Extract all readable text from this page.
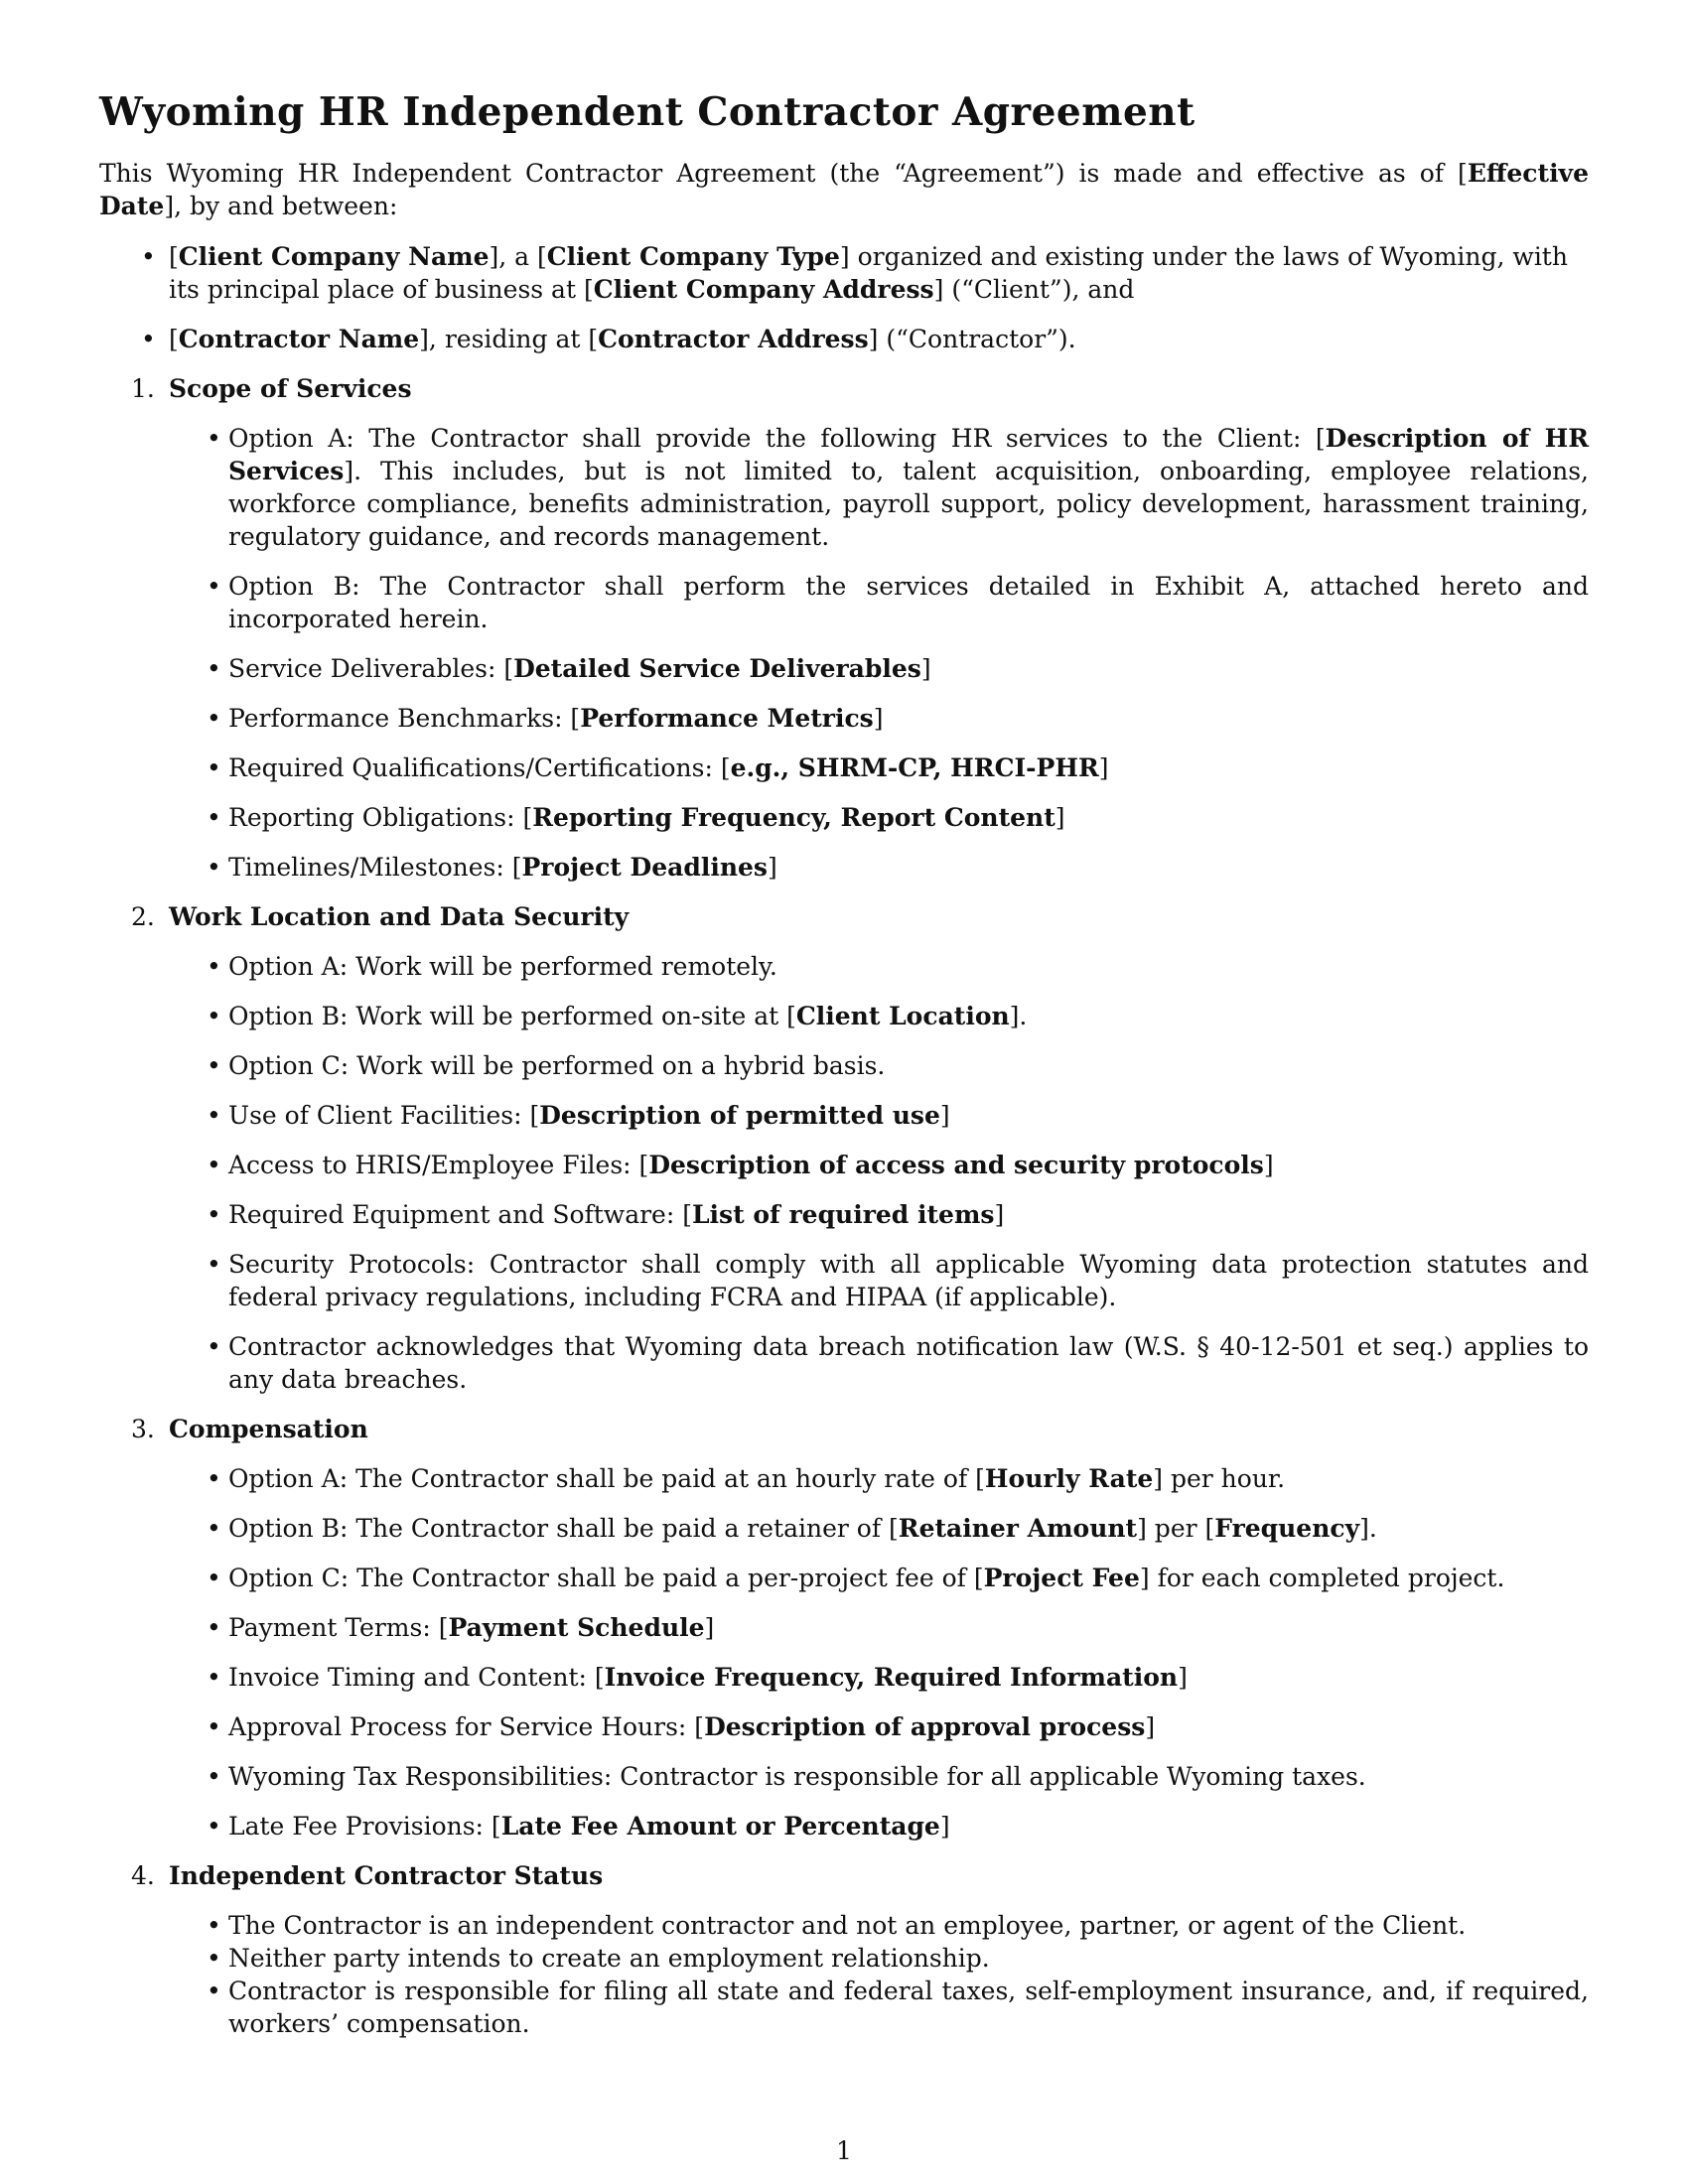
Wyoming HR Independent Contractor Agreement

This Wyoming HR Independent Contractor Agreement (the “Agreement”) is made and effective as of [Effective Date], by and between:

• [Client Company Name], a [Client Company Type] organized and existing under the laws of Wyoming, with its principal place of business at [Client Company Address] (“Client”), and
• [Contractor Name], residing at [Contractor Address] (“Contractor”).
1. Scope of Services
• Option A: The Contractor shall provide the following HR services to the Client: [Description of HR Services]. This includes, but is not limited to, talent acquisition, onboarding, employee relations, workforce compliance, benefits administration, payroll support, policy development, harassment training, regulatory guidance, and records management.
• Option B: The Contractor shall perform the services detailed in Exhibit A, attached hereto and incorporated herein.
• Service Deliverables: [Detailed Service Deliverables]
• Performance Benchmarks: [Performance Metrics]
• Required Qualifications/Certifications: [e.g., SHRM-CP, HRCI-PHR]
• Reporting Obligations: [Reporting Frequency, Report Content]
• Timelines/Milestones: [Project Deadlines]
2. Work Location and Data Security
• Option A: Work will be performed remotely.
• Option B: Work will be performed on-site at [Client Location].
• Option C: Work will be performed on a hybrid basis.
• Use of Client Facilities: [Description of permitted use]
• Access to HRIS/Employee Files: [Description of access and security protocols]
• Required Equipment and Software: [List of required items]
• Security Protocols: Contractor shall comply with all applicable Wyoming data protection statutes and federal privacy regulations, including FCRA and HIPAA (if applicable).
• Contractor acknowledges that Wyoming data breach notification law (W.S. § 40-12-501 et seq.) applies to any data breaches.
3. Compensation
• Option A: The Contractor shall be paid at an hourly rate of [Hourly Rate] per hour.
• Option B: The Contractor shall be paid a retainer of [Retainer Amount] per [Frequency].
• Option C: The Contractor shall be paid a per-project fee of [Project Fee] for each completed project.
• Payment Terms: [Payment Schedule]
• Invoice Timing and Content: [Invoice Frequency, Required Information]
• Approval Process for Service Hours: [Description of approval process]
• Wyoming Tax Responsibilities: Contractor is responsible for all applicable Wyoming taxes.
• Late Fee Provisions: [Late Fee Amount or Percentage]
4. Independent Contractor Status
• The Contractor is an independent contractor and not an employee, partner, or agent of the Client.
• Neither party intends to create an employment relationship.
• Contractor is responsible for filing all state and federal taxes, self-employment insurance, and, if required, workers’ compensation.
1
